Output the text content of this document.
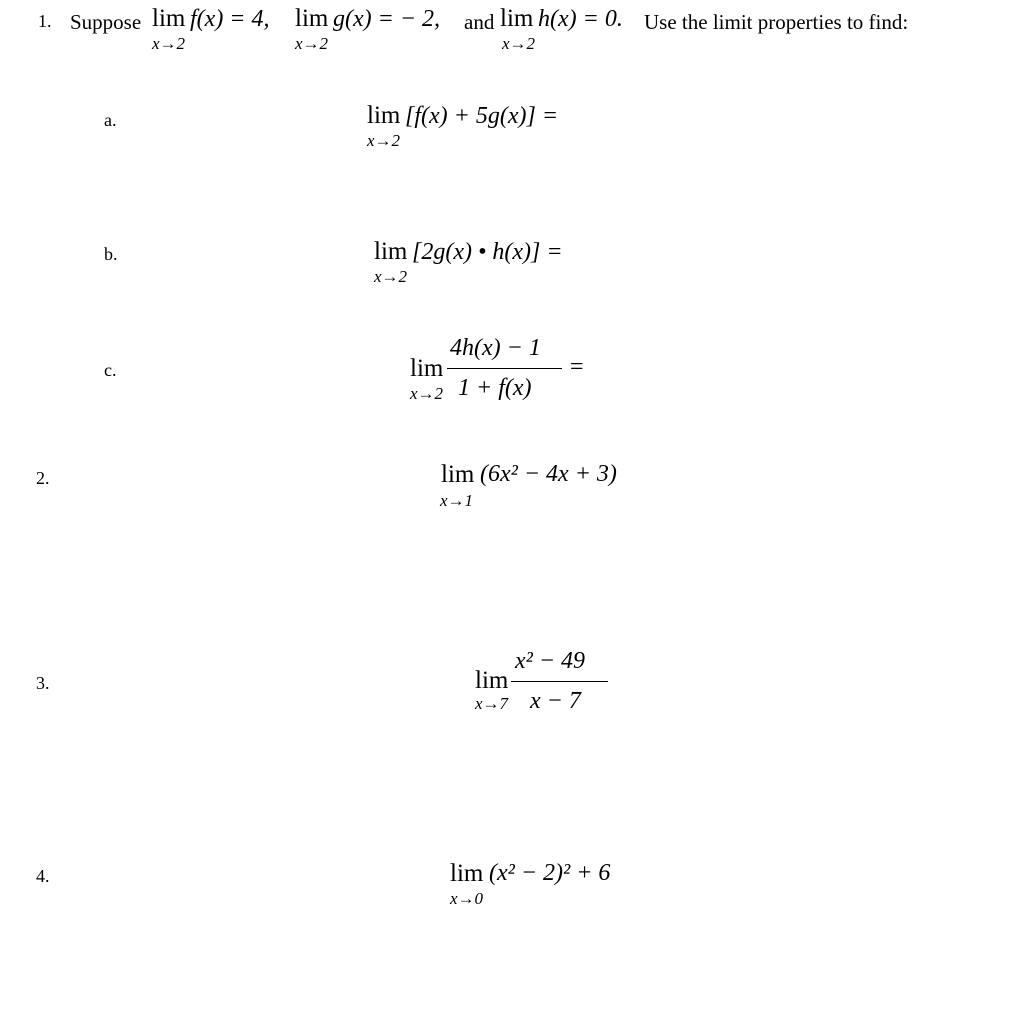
1. Suppose lim
x→2
f(x) = 4, lim
x→2
g(x) = − 2, and lim
x→2
h(x) = 0. Use the limit properties to find:
a.	lim
x→2
[f(x) + 5g(x)] =
b.	lim
x→2
[2g(x) • h(x)] =
c.	lim
x→2
4h(x) − 1
1 + f(x)
=
2.	lim
x→1
(6x² − 4x + 3)
3.	lim
x→7
x² − 49
x − 7
4.	lim
x→0
(x² − 2)² + 6
